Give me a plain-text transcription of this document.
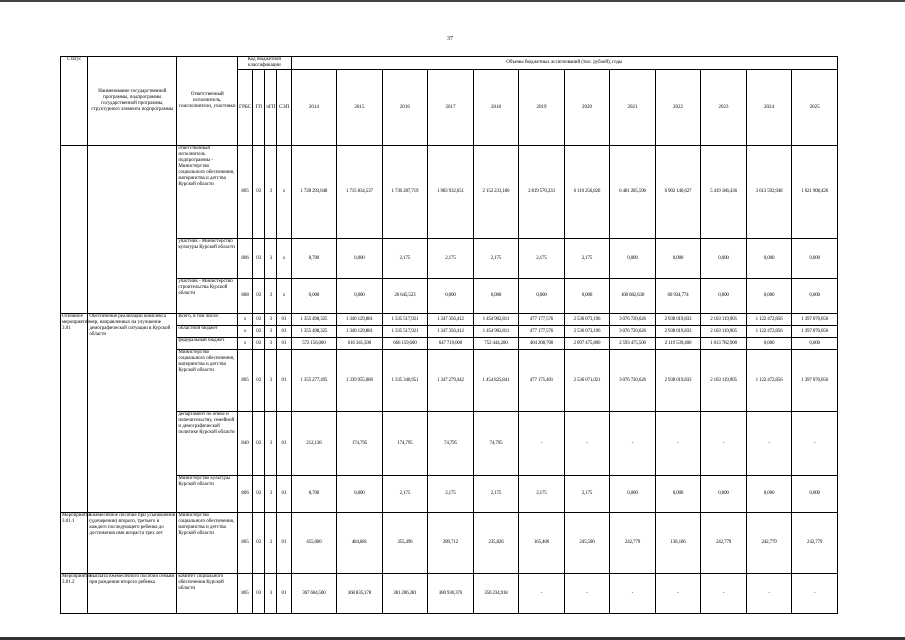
37
Статус	Наименование государственной программы, подпрограммы государственной программы, структурного элемента подпрограммы	Ответственный исполнитель, соисполнители, участники	Код бюджетной классификации				Объемы бюджетных ассигнований (тыс. рублей), годы											
			ГРБС	ГП	пГП	СЭП	2014	2015	2016	2017	2018	2019	2020	2021	2022	2023	2024	2025
		ответственный исполнитель подпрограммы - Министерство социального обеспечения, материнства и детства Курской области	805	03	3	х	1 728 293,048	1 715 834,537	1 730 287,719	1 983 932,651	2 152 233,180	2 819 570,233	6 110 256,820	6 481 285,596	6 902 140,627	5 419 186,436	3 613 592,948	1 621 908,426
		участник - Министерство культуры Курской области	806	03	3	х	8,700	0,000	2,175	2,175	2,175	2,175	2,175	0,000	0,000	0,000	0,000	0,000
		участник - Министерство строительства Курской области	808	03	3	х	0,000	0,000	26 645,523	0,000	0,000	0,000	0,000	108 682,630	60 934,774	0,000	0,000	0,000
Основное мероприятие 3.01	Обеспечение реализации комплекса мер, направленных на улучшение демографической ситуации в Курской области	Всего, в том числе:	х	03	3	01	1 355 498,325	1 340 129,881	1 335 517,921	1 347 356,412	1 454 902,811	477 177,576	2 536 073,196	3 076 720,626	2 938 019,833	2 103 119,905	1 122 472,856	1 397 076,056
		областной бюджет	х	03	3	01	1 355 498,325	1 340 129,881	1 335 517,921	1 347 356,412	1 454 902,811	477 177,576	2 536 073,196	3 076 720,626	2 938 019,833	2 103 119,905	1 122 472,856	1 397 076,056
		федеральный бюджет	х	03	3	01	572 156,000	616 341,500	666 159,600	647 719,000	752 444,200	404 208,700	2 097 475,800	2 593 475,500	2 119 539,400	1 013 782,900	0,000	0,000
		Министерство социального обеспечения, материнства и детства Курской области	805	03	3	01	1 355 277,495	1 339 955,086	1 335 340,951	1 347 279,442	1 454 825,841	477 175,401	2 536 071,021	3 076 720,626	2 938 019,833	2 103 119,905	1 122 472,856	1 397 076,056
		департамент по опеке и попечительству, семейной и демографической политике Курской области	840	03	3	01	212,130	174,795	174,795	74,795	74,795	-	-	-	-	-	-	-
		Министерство культуры Курской области	806	03	3	01	8,700	0,000	2,175	2,175	2,175	2,175	2,175	0,000	0,000	0,000	0,000	0,000
Мероприятие 3.01.1	Ежемесячное пособие при усыновлении (удочерении) второго, третьего и каждого последующего ребенка до достижения ими возраста трех лет	Министерство социального обеспечения, материнства и детства Курской области	805	03	3	01	455,000	484,881	355,496	289,712	235,826	165,406	245,500	242,779	138,166	242,779	242,779	242,779
Мероприятие 3.01.2	Выплата ежемесячного пособия семьям при рождении второго ребенка	комитет социального обеспечения Курской области	805	03	3	01	367 664,500	368 835,178	381 206,381	380 930,376	350 234,918	-	-	-	-	-	-	-
